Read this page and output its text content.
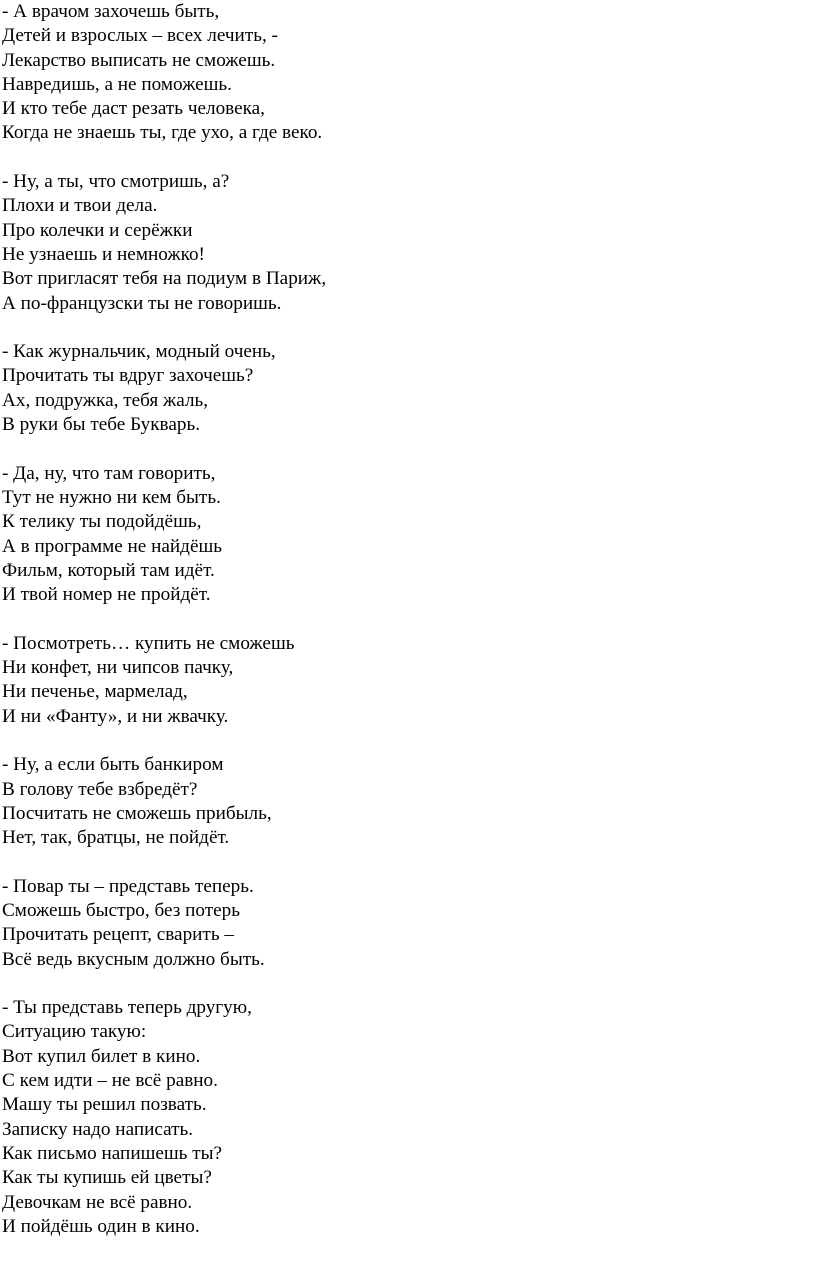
- А врачом захочешь быть,
Детей и взрослых – всех лечить, -
Лекарство выписать не сможешь.
Навредишь, а не поможешь.
И кто тебе даст резать человека,
Когда не знаешь ты, где ухо, а где веко.
- Ну, а ты, что смотришь, а?
Плохи и твои дела.
Про колечки и серёжки
Не узнаешь и немножко!
Вот пригласят тебя на подиум в Париж,
А по-французски ты не говоришь.
- Как журнальчик, модный очень,
Прочитать ты вдруг захочешь?
Ах, подружка, тебя жаль,
В руки бы тебе Букварь.
- Да, ну, что там говорить,
Тут не нужно ни кем быть.
К телику ты подойдёшь,
А в программе не найдёшь
Фильм, который там идёт.
И твой номер не пройдёт.
- Посмотреть… купить не сможешь
Ни конфет, ни чипсов пачку,
Ни печенье, мармелад,
И ни «Фанту», и ни жвачку.
- Ну, а если быть банкиром
В голову тебе взбредёт?
Посчитать не сможешь прибыль,
Нет, так, братцы, не пойдёт.
- Повар ты – представь теперь.
Сможешь быстро, без потерь
Прочитать рецепт, сварить –
Всё ведь вкусным должно быть.
- Ты представь теперь другую,
Ситуацию такую:
Вот купил билет в кино.
С кем идти – не всё равно.
Машу ты решил позвать.
Записку надо написать.
Как письмо напишешь ты?
Как ты купишь ей цветы?
Девочкам не всё равно.
И пойдёшь один в кино.
